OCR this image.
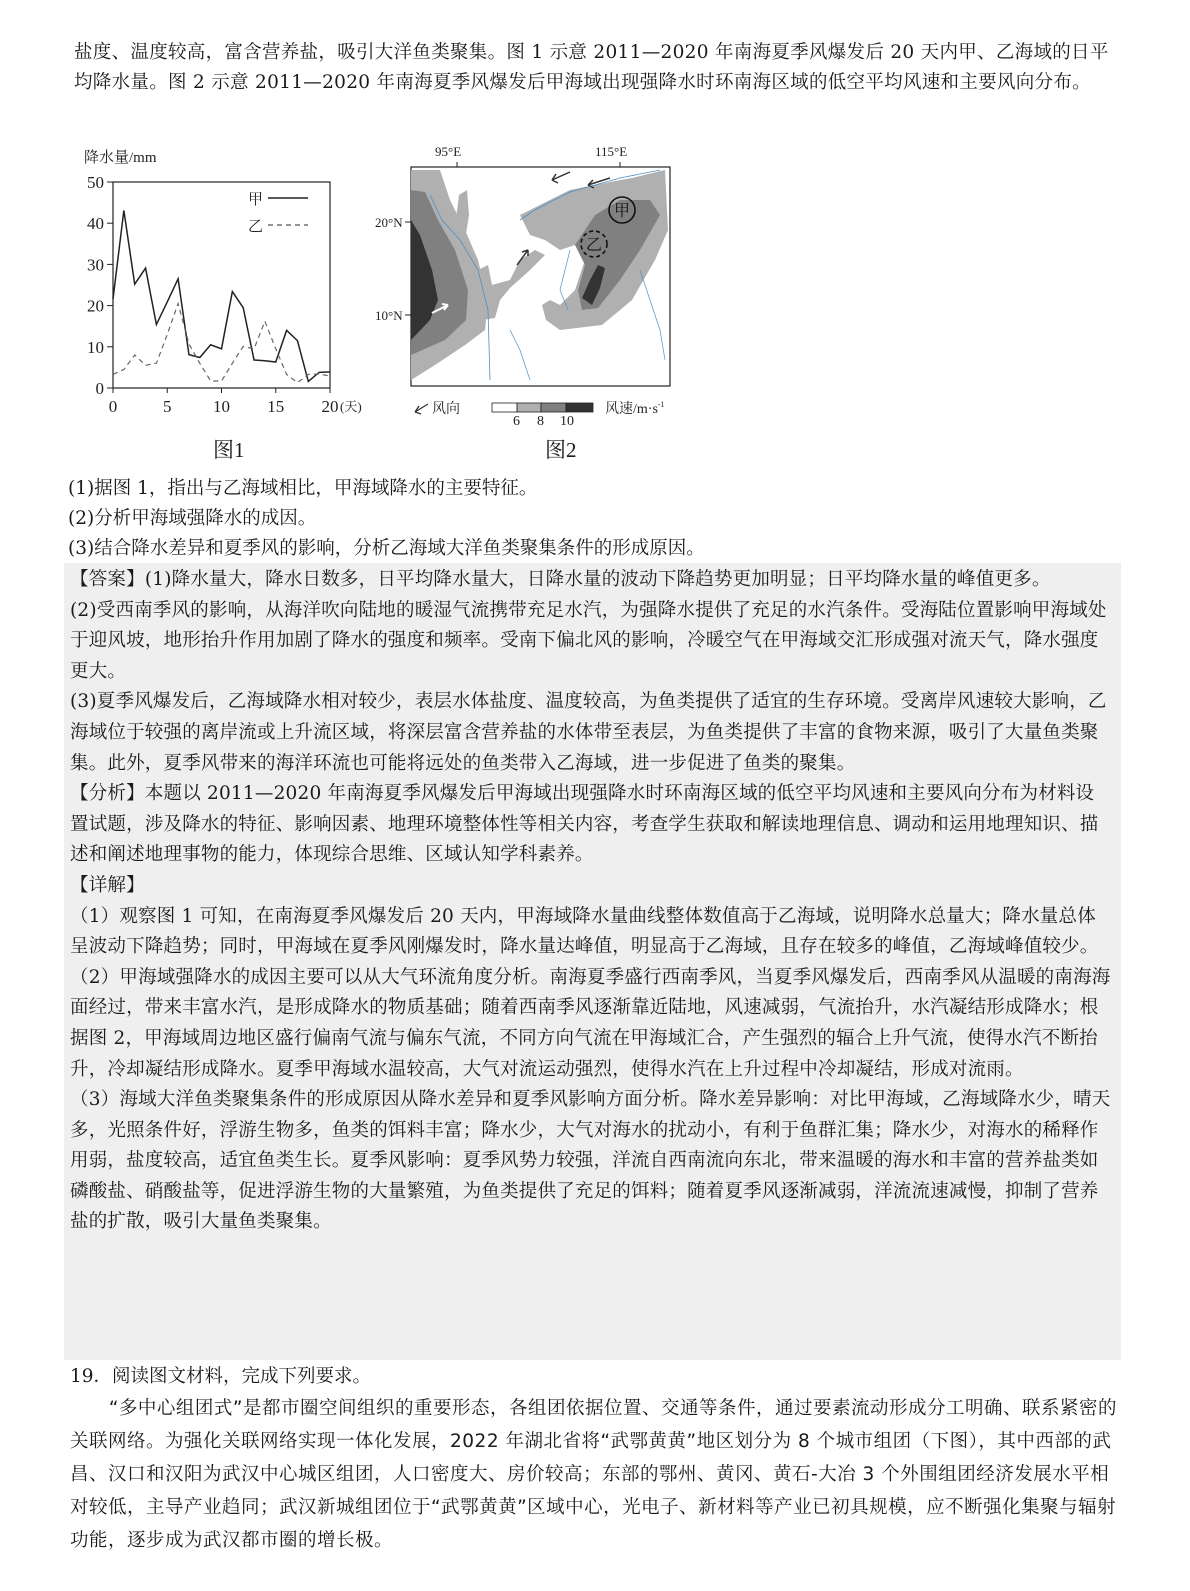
盐度、温度较高，富含营养盐，吸引大洋鱼类聚集。图 1 示意 2011—2020 年南海夏季风爆发后 20 天内甲、乙海域的日平均降水量。图 2 示意 2011—2020 年南海夏季风爆发后甲海域出现强降水时环南海区域的低空平均风速和主要风向分布。
降水量/mm
0
10
20
30
40
50
0	5 10 15 20 (天)
甲
乙
图1
95°E	115°E
20°N
10°N
甲
乙
风向
6 8 10
风速$/m\cdot s^{-1}$
图2
(1)据图 1，指出与乙海域相比，甲海域降水的主要特征。
(2)分析甲海域强降水的成因。
(3)结合降水差异和夏季风的影响，分析乙海域大洋鱼类聚集条件的形成原因。

【答案】(1)降水量大，降水日数多，日平均降水量大，日降水量的波动下降趋势更加明显；日平均降水量的峰值更多。

(2)受西南季风的影响，从海洋吹向陆地的暖湿气流携带充足水汽，为强降水提供了充足的水汽条件。受海陆位置影响甲海域处于迎风坡，地形抬升作用加剧了降水的强度和频率。受南下偏北风的影响，冷暖空气在甲海域交汇形成强对流天气，降水强度更大。

(3)夏季风爆发后，乙海域降水相对较少，表层水体盐度、温度较高，为鱼类提供了适宜的生存环境。受离岸风速较大影响，乙海域位于较强的离岸流或上升流区域，将深层富含营养盐的水体带至表层，为鱼类提供了丰富的食物来源，吸引了大量鱼类聚集。此外，夏季风带来的海洋环流也可能将远处的鱼类带入乙海域，进一步促进了鱼类的聚集。

【分析】本题以 2011—2020 年南海夏季风爆发后甲海域出现强降水时环南海区域的低空平均风速和主要风向分布为材料设置试题，涉及降水的特征、影响因素、地理环境整体性等相关内容，考查学生获取和解读地理信息、调动和运用地理知识、描述和阐述地理事物的能力，体现综合思维、区域认知学科素养。

【详解】

（1）观察图 1 可知，在南海夏季风爆发后 20 天内，甲海域降水量曲线整体数值高于乙海域，说明降水总量大；降水量总体呈波动下降趋势；同时，甲海域在夏季风刚爆发时，降水量达峰值，明显高于乙海域，且存在较多的峰值，乙海域峰值较少。

（2）甲海域强降水的成因主要可以从大气环流角度分析。南海夏季盛行西南季风，当夏季风爆发后，西南季风从温暖的南海海面经过，带来丰富水汽，是形成降水的物质基础；随着西南季风逐渐靠近陆地，风速减弱，气流抬升，水汽凝结形成降水；根据图 2，甲海域周边地区盛行偏南气流与偏东气流，不同方向气流在甲海域汇合，产生强烈的辐合上升气流，使得水汽不断抬升，冷却凝结形成降水。夏季甲海域水温较高，大气对流运动强烈，使得水汽在上升过程中冷却凝结，形成对流雨。

（3）海域大洋鱼类聚集条件的形成原因从降水差异和夏季风影响方面分析。降水差异影响：对比甲海域，乙海域降水少，晴天多，光照条件好，浮游生物多，鱼类的饵料丰富；降水少，大气对海水的扰动小，有利于鱼群汇集；降水少，对海水的稀释作用弱，盐度较高，适宜鱼类生长。夏季风影响：夏季风势力较强，洋流自西南流向东北，带来温暖的海水和丰富的营养盐类如磷酸盐、硝酸盐等，促进浮游生物的大量繁殖，为鱼类提供了充足的饵料；随着夏季风逐渐减弱，洋流流速减慢，抑制了营养盐的扩散，吸引大量鱼类聚集。

19．阅读图文材料，完成下列要求。

“多中心组团式”是都市圈空间组织的重要形态，各组团依据位置、交通等条件，通过要素流动形成分工明确、联系紧密的关联网络。为强化关联网络实现一体化发展，2022 年湖北省将“武鄂黄黄”地区划分为 8 个城市组团（下图），其中西部的武昌、汉口和汉阳为武汉中心城区组团，人口密度大、房价较高；东部的鄂州、黄冈、黄石-大冶 3 个外围组团经济发展水平相对较低，主导产业趋同；武汉新城组团位于“武鄂黄黄”区域中心，光电子、新材料等产业已初具规模，应不断强化集聚与辐射功能，逐步成为武汉都市圈的增长极。
